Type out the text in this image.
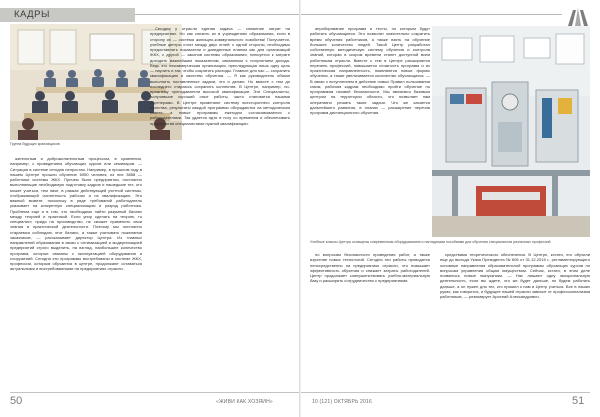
КАДРЫ
Группа будущих крановщиков

жительным и доброжелательным процессом, в сравнении, например, с проведением обучающих курсов или семинаров. — Ситуация в системе сегодня непростая. Например, в прошлом году в нашем Центре прошли обучение 6950 человек, из них 3858 — работники системы ЖКХ. Причем были предприятия, постоянно выполняющие необходимую подготовку кадров и нашедшие тех, кто может учиться, тем паче, в рамках действующей учетной системы, отображающей численность рабочих и их квалификацию. Это важный момент, поскольку в ряде требований работодатель указывает на конкретную специализацию и разряд работника. Проблема еще и в том, что необходимо найти разумный баланс между теорией и практикой. Если упор сделать на теорию, то специалист, придя на производство, не сможет применить свои знания в практической деятельности. Поэтому мы постоянно стараемся соблюдать этот баланс, а также учитывать пожелания заказчиков, — рассказывает директор Центра. Из главных направлений образования в связи с оптимизацией и модернизацией предприятий строго выделить, на взгляд, наибольшее количество программ, которые связаны с эксплуатацией оборудования и сооружений. Сегодня эти программы востребованы в системе ЖКХ, профессии, которым обучаются в центре, продолжают оставаться актуальными и востребованными на предприятиях отрасли.

Сегодня у отрасли единая задача — снижение затрат на предприятиях. Но как снизить их в учреждениях образования, если в сторону их — система жилищно-коммунального хозяйства! Получается, учебные центры стоят между двух огней: с одной стороны, необходимо предоставлять показатели и доведенные планом как для организаций ЖКХ, с другой — законов системы образования, плюсуется к затрате доходить важнейшим показателям, связанным с получением дохода. Ведь это некоммерческая организация, преследующая лишь одну цель — научить и так, чтобы сократить расходы. Главное для нас — сохранить квалификацию и качество обучения. — Я как руководитель обязан выполнить поставленные задачи, что и делаю. Но вместе с тем до последнего стараюсь сохранить коллектив. В Центре, например, по-прежнему преподаватели высокой квалификации. Эти Специалисты, получившие хороший опыт работы, часто становятся нашими партнерами. В Центре применяют систему всестороннего контроля качества, результаты каждой программы обсуждаются на методическом совете, а новые программы ежегодно согласовываются с работодателями. Так удается идти в ногу со временем и обеспечивать предприятия специалистами нужной квалификации.

50	«ЖИВИ КАК ХОЗЯИН»

апробирование программ и тесты, по которым будут работать обучающиеся. Это позволит значительно сократить время обучения работников, а также взять на обучение большее количество людей. Такой Центр разработал собственную методическую систему обучения и контроля знаний, которая в скором времени станет доступной всем работникам отрасли. Вместе с тем в Центре расширяется перечень профессий, повышается сложность программ и их практическая направленность, появляются новые формы обучения, а также увеличивается количество обучающихся. — В связи с вступлением в действие новых Правил пользования газом, рабочим кадрам необходимо пройти обучение по программам газовой безопасности. Мы являемся базовым центром на территории области, что позволяет нам оперативно решать такие задачи. Что же касается дальнейшего развития, в планах — расширение перечня программ дистанционного обучения.

Учебные классы Центра оснащены современным оборудованием и наглядными пособиями для обучения специалистов различных профессий

по вопросам безопасности проведения работ, а также изучение новых технологий. Сегодня эти работы проводятся непосредственно на предприятиях отрасли, что повышает эффективность обучения и снижает затраты работодателей. Центр продолжает совершенствовать учебно-материальную базу и расширять сотрудничество с предприятиями.

средствами теоретического обеспечения. В Центре, кстати, его обучили еще до выхода Указа Президента № 606 от 31.12.2015 г., регламентирующего основные направления образовательной программы обучающих курсов по вопросам управления общим имуществом. Сейчас, кстати, в этом деле появились новые выпускники. — Нас лишают одну эмоциональную деятельность, если вы ждете, что же будет дальше, но будем работать дальше, а он нужен для тех, кто пришел к нам в Центр учиться. Все в наших руках, как говорится, и будущее нашей отрасли зависит от профессионализма работников, — резюмирует Арсений Александрович.

10 (121) ОКТЯБРЬ 2016	51
